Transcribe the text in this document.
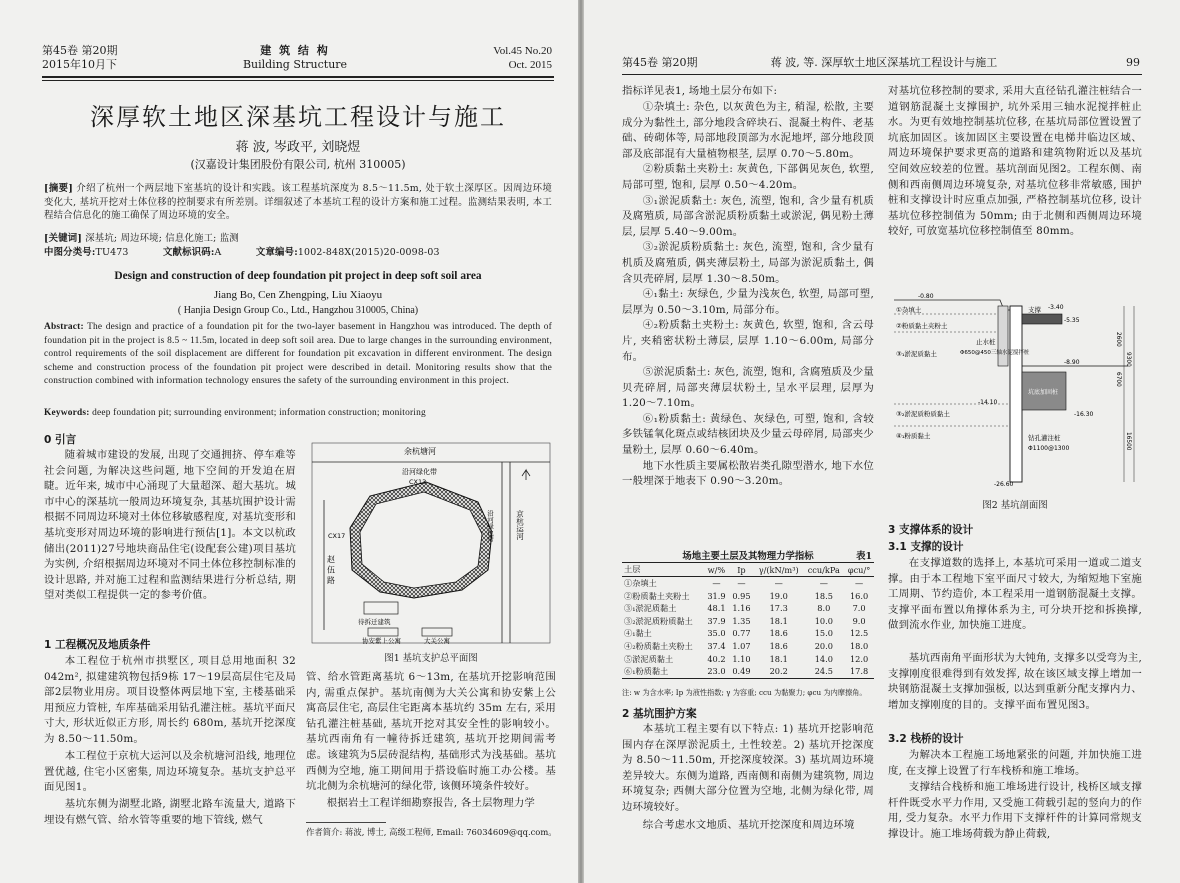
第45卷 第20期
2015年10月下
建 筑 结 构
Building Structure
Vol.45 No.20
Oct. 2015
深厚软土地区深基坑工程设计与施工
蒋 波, 岑政平, 刘晓煜
(汉嘉设计集团股份有限公司, 杭州 310005)
[摘要] 介绍了杭州一个两层地下室基坑的设计和实践。该工程基坑深度为 8.5～11.5m, 处于软土深厚区。因周边环境变化大, 基坑开挖对土体位移的控制要求有所差别。详细叙述了本基坑工程的设计方案和施工过程。监测结果表明, 本工程结合信息化的施工确保了周边环境的安全。
[关键词] 深基坑; 周边环境; 信息化施工; 监测
中图分类号:TU473	文献标识码:A	文章编号:1002-848X(2015)20-0098-03
Design and construction of deep foundation pit project in deep soft soil area
Jiang Bo, Cen Zhengping, Liu Xiaoyu
( Hanjia Design Group Co., Ltd., Hangzhou 310005, China)
Abstract: The design and practice of a foundation pit for the two-layer basement in Hangzhou was introduced. The depth of foundation pit in the project is 8.5 ~ 11.5m, located in deep soft soil area. Due to large changes in the surrounding environment, control requirements of the soil displacement are different for foundation pit excavation in different environment. The design scheme and construction process of the foundation pit project were described in detail. Monitoring results show that the construction combined with information technology ensures the safety of the surrounding environment in this project.
Keywords: deep foundation pit; surrounding environment; information construction; monitoring
0 引言
随着城市建设的发展, 出现了交通拥挤、停车难等社会问题, 为解决这些问题, 地下空间的开发迫在眉睫。近年来, 城市中心涌现了大量超深、超大基坑。城市中心的深基坑一般周边环境复杂, 其基坑围护设计需根据不同周边环境对土体位移敏感程度, 对基坑变形和基坑变形对周边环境的影响进行预估[1]。本文以杭政储出(2011)27号地块商品住宅(设配套公建)项目基坑为实例, 介绍根据周边环境对不同土体位移控制标准的设计思路, 并对施工过程和监测结果进行分析总结, 期望对类似工程提供一定的参考价值。
1 工程概况及地质条件
本工程位于杭州市拱墅区, 项目总用地面积 32 042m², 拟建建筑物包括9栋 17～19层高层住宅及局部2层物业用房。项目设整体两层地下室, 主楼基础采用预应力管桩, 车库基础采用钻孔灌注桩。基坑平面尺寸大, 形状近似正方形, 周长约 680m, 基坑开挖深度为 8.50～11.50m。
本工程位于京杭大运河以及余杭塘河沿线, 地理位置优越, 住宅小区密集, 周边环境复杂。基坑支护总平面见图1。
基坑东侧为湖墅北路, 湖墅北路车流量大, 道路下埋设有燃气管、给水管等重要的地下管线, 燃气
余杭塘河
沿河绿化带
赵 伍 路
CX13
CX17
待拆迁建筑
协安紫上公寓	大关公寓
沿河绿化带	京杭运河
图1 基坑支护总平面图
管、给水管距离基坑 6～13m, 在基坑开挖影响范围内, 需重点保护。基坑南侧为大关公寓和协安紫上公寓高层住宅, 高层住宅距离本基坑约 35m 左右, 采用钻孔灌注桩基础, 基坑开挖对其安全性的影响较小。基坑西南角有一幢待拆迁建筑, 基坑开挖期间需考虑。该建筑为5层砖混结构, 基础形式为浅基础。基坑西侧为空地, 施工期间用于搭设临时施工办公楼。基坑北侧为余杭塘河的绿化带, 该侧环境条件较好。
根据岩土工程详细勘察报告, 各土层物理力学
作者简介: 蒋波, 博士, 高级工程师, Email: 76034609@qq.com。
第45卷 第20期	蒋 波, 等. 深厚软土地区深基坑工程设计与施工	99
指标详见表1, 场地土层分布如下:
①杂填土: 杂色, 以灰黄色为主, 稍湿, 松散, 主要成分为黏性土, 部分地段含碎块石、混凝土构件、老基础、砖砌体等, 局部地段顶部为水泥地坪, 部分地段顶部及底部混有大量植物根茎, 层厚 0.70～5.80m。
②粉质黏土夹粉土: 灰黄色, 下部偶见灰色, 软塑, 局部可塑, 饱和, 层厚 0.50～4.20m。
③₁淤泥质黏土: 灰色, 流塑, 饱和, 含少量有机质及腐殖质, 局部含淤泥质粉质黏土或淤泥, 偶见粉土薄层, 层厚 5.40～9.00m。
③₂淤泥质粉质黏土: 灰色, 流塑, 饱和, 含少量有机质及腐殖质, 偶夹薄层粉土, 局部为淤泥质黏土, 偶含贝壳碎屑, 层厚 1.30～8.50m。
④₁黏土: 灰绿色, 少量为浅灰色, 软塑, 局部可塑, 层厚为 0.50～3.10m, 局部分布。
④₂粉质黏土夹粉土: 灰黄色, 软塑, 饱和, 含云母片, 夹稍密状粉土薄层, 层厚 1.10～6.00m, 局部分布。
⑤淤泥质黏土: 灰色, 流塑, 饱和, 含腐殖质及少量贝壳碎屑, 局部夹薄层状粉土, 呈水平层理, 层厚为 1.20～7.10m。
⑥₁粉质黏土: 黄绿色、灰绿色, 可塑, 饱和, 含较多铁锰氧化斑点或结核团块及少量云母碎屑, 局部夹少量粉土, 层厚 0.60～6.40m。
地下水性质主要属松散岩类孔隙型潜水, 地下水位一般埋深于地表下 0.90～3.20m。
场地主要土层及其物理力学指标	表1
土层	w/%	Ip	γ/(kN/m³)	ccu/kPa	φcu/°
①杂填土	—	—	—	—	—
②粉质黏土夹粉土	31.9	0.95	19.0	18.5	16.0
③₁淤泥质黏土	48.1	1.16	17.3	8.0	7.0
③₂淤泥质粉质黏土	37.9	1.35	18.1	10.0	9.0
④₁黏土	35.0	0.77	18.6	15.0	12.5
④₂粉质黏土夹粉土	37.4	1.07	18.6	20.0	18.0
⑤淤泥质黏土	40.2	1.10	18.1	14.0	12.0
⑥₁粉质黏土	23.0	0.49	20.2	24.5	17.8
注: w 为含水率; Ip 为液性指数; γ 为容重; ccu 为黏聚力; φcu 为内摩擦角。
2 基坑围护方案
本基坑工程主要有以下特点: 1) 基坑开挖影响范围内存在深厚淤泥质土, 土性较差。2) 基坑开挖深度为 8.50～11.50m, 开挖深度较深。3) 基坑周边环境差异较大。东侧为道路, 西南侧和南侧为建筑物, 周边环境复杂; 西侧大部分位置为空地, 北侧为绿化带, 周边环境较好。
综合考虑水文地质、基坑开挖深度和周边环境
对基坑位移控制的要求, 采用大直径钻孔灌注桩结合一道钢筋混凝土支撑围护, 坑外采用三轴水泥搅拌桩止水。为更有效地控制基坑位移, 在基坑局部位置设置了坑底加固区。该加固区主要设置在电梯井临边区域、周边环境保护要求更高的道路和建筑物附近以及基坑空间效应较差的位置。基坑剖面见图2。工程东侧、南侧和西南侧周边环境复杂, 对基坑位移非常敏感, 围护桩和支撑设计时应重点加强, 严格控制基坑位移, 设计基坑位移控制值为 50mm; 由于北侧和西侧周边环境较好, 可放宽基坑位移控制值至 80mm。
-0.80
①杂填土
②粉质黏土夹粉土
③₁淤泥质黏土
③₂淤泥质粉质黏土
④₁粉质黏土
支撑 -3.40
-5.35
-8.90
止水桩
Φ650@450三轴水泥搅拌桩
坑底加固桩
-14.10
-16.30
钻孔灌注桩
Φ1100@1300
-26.60
2600
6700
9300
16500
图2 基坑剖面图
3 支撑体系的设计
3.1 支撑的设计
在支撑道数的选择上, 本基坑可采用一道或二道支撑。由于本工程地下室平面尺寸较大, 为缩短地下室施工周期、节约造价, 本工程采用一道钢筋混凝土支撑。支撑平面布置以角撑体系为主, 可分块开挖和拆换撑, 做到流水作业, 加快施工进度。
基坑西南角平面形状为大钝角, 支撑多以受弯为主, 支撑刚度很难得到有效发挥, 故在该区域支撑上增加一块钢筋混凝土支撑加强板, 以达到重新分配支撑内力、增加支撑刚度的目的。支撑平面布置见图3。
3.2 栈桥的设计
为解决本工程施工场地紧张的问题, 并加快施工进度, 在支撑上设置了行车栈桥和施工堆场。
支撑结合栈桥和施工堆场进行设计, 栈桥区域支撑杆件既受水平力作用, 又受施工荷载引起的竖向力的作用, 受力复杂。水平力作用下支撑杆件的计算同常规支撑设计。施工堆场荷载为静止荷载,
